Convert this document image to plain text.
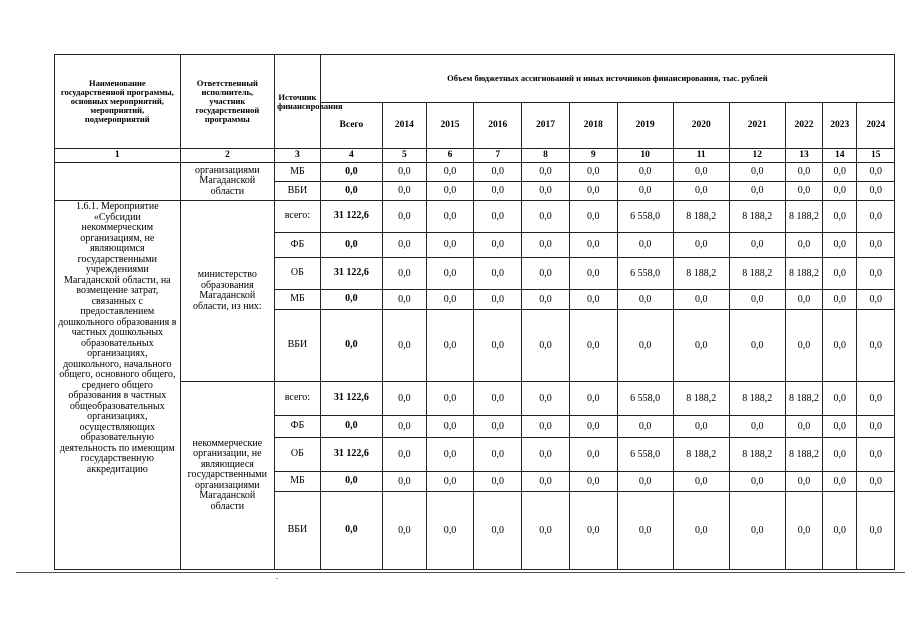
Наименование государственной программы, основных мероприятий, мероприятий, подмероприятий	Ответственный исполнитель, участник государственной программы	Источник финансирования	Объем бюджетных ассигнований и иных источников финансирования, тыс. рублей											
			Всего	2014	2015	2016	2017	2018	2019	2020	2021	2022	2023	2024
1	2	3	4	5	6	7	8	9	10	11	12	13	14	15
	организациями Магаданской области	МБ	0,0	0,0	0,0	0,0	0,0	0,0	0,0	0,0	0,0	0,0	0,0	0,0
		ВБИ	0,0	0,0	0,0	0,0	0,0	0,0	0,0	0,0	0,0	0,0	0,0	0,0
1.6.1. Мероприятие «Субсидии некоммерческим организациям, не являющимся государственными учреждениями Магаданской области, на возмещение затрат, связанных с предоставлением дошкольного образования в частных дошкольных образовательных организациях, дошкольного, начального общего, основного общего, среднего общего образования в частных общеобразовательных организациях, осуществляющих образовательную деятельность по имеющим государственную аккредитацию	министерство образования Магаданской области, из них:	всего:	31 122,6	0,0	0,0	0,0	0,0	0,0	6 558,0	8 188,2	8 188,2	8 188,2	0,0	0,0
		ФБ	0,0	0,0	0,0	0,0	0,0	0,0	0,0	0,0	0,0	0,0	0,0	0,0
		ОБ	31 122,6	0,0	0,0	0,0	0,0	0,0	6 558,0	8 188,2	8 188,2	8 188,2	0,0	0,0
		МБ	0,0	0,0	0,0	0,0	0,0	0,0	0,0	0,0	0,0	0,0	0,0	0,0
		ВБИ	0,0	0,0	0,0	0,0	0,0	0,0	0,0	0,0	0,0	0,0	0,0	0,0
	некоммерческие организации, не являющиеся государственными организациями Магаданской области	всего:	31 122,6	0,0	0,0	0,0	0,0	0,0	6 558,0	8 188,2	8 188,2	8 188,2	0,0	0,0
		ФБ	0,0	0,0	0,0	0,0	0,0	0,0	0,0	0,0	0,0	0,0	0,0	0,0
		ОБ	31 122,6	0,0	0,0	0,0	0,0	0,0	6 558,0	8 188,2	8 188,2	8 188,2	0,0	0,0
		МБ	0,0	0,0	0,0	0,0	0,0	0,0	0,0	0,0	0,0	0,0	0,0	0,0
		ВБИ	0,0	0,0	0,0	0,0	0,0	0,0	0,0	0,0	0,0	0,0	0,0	0,0
